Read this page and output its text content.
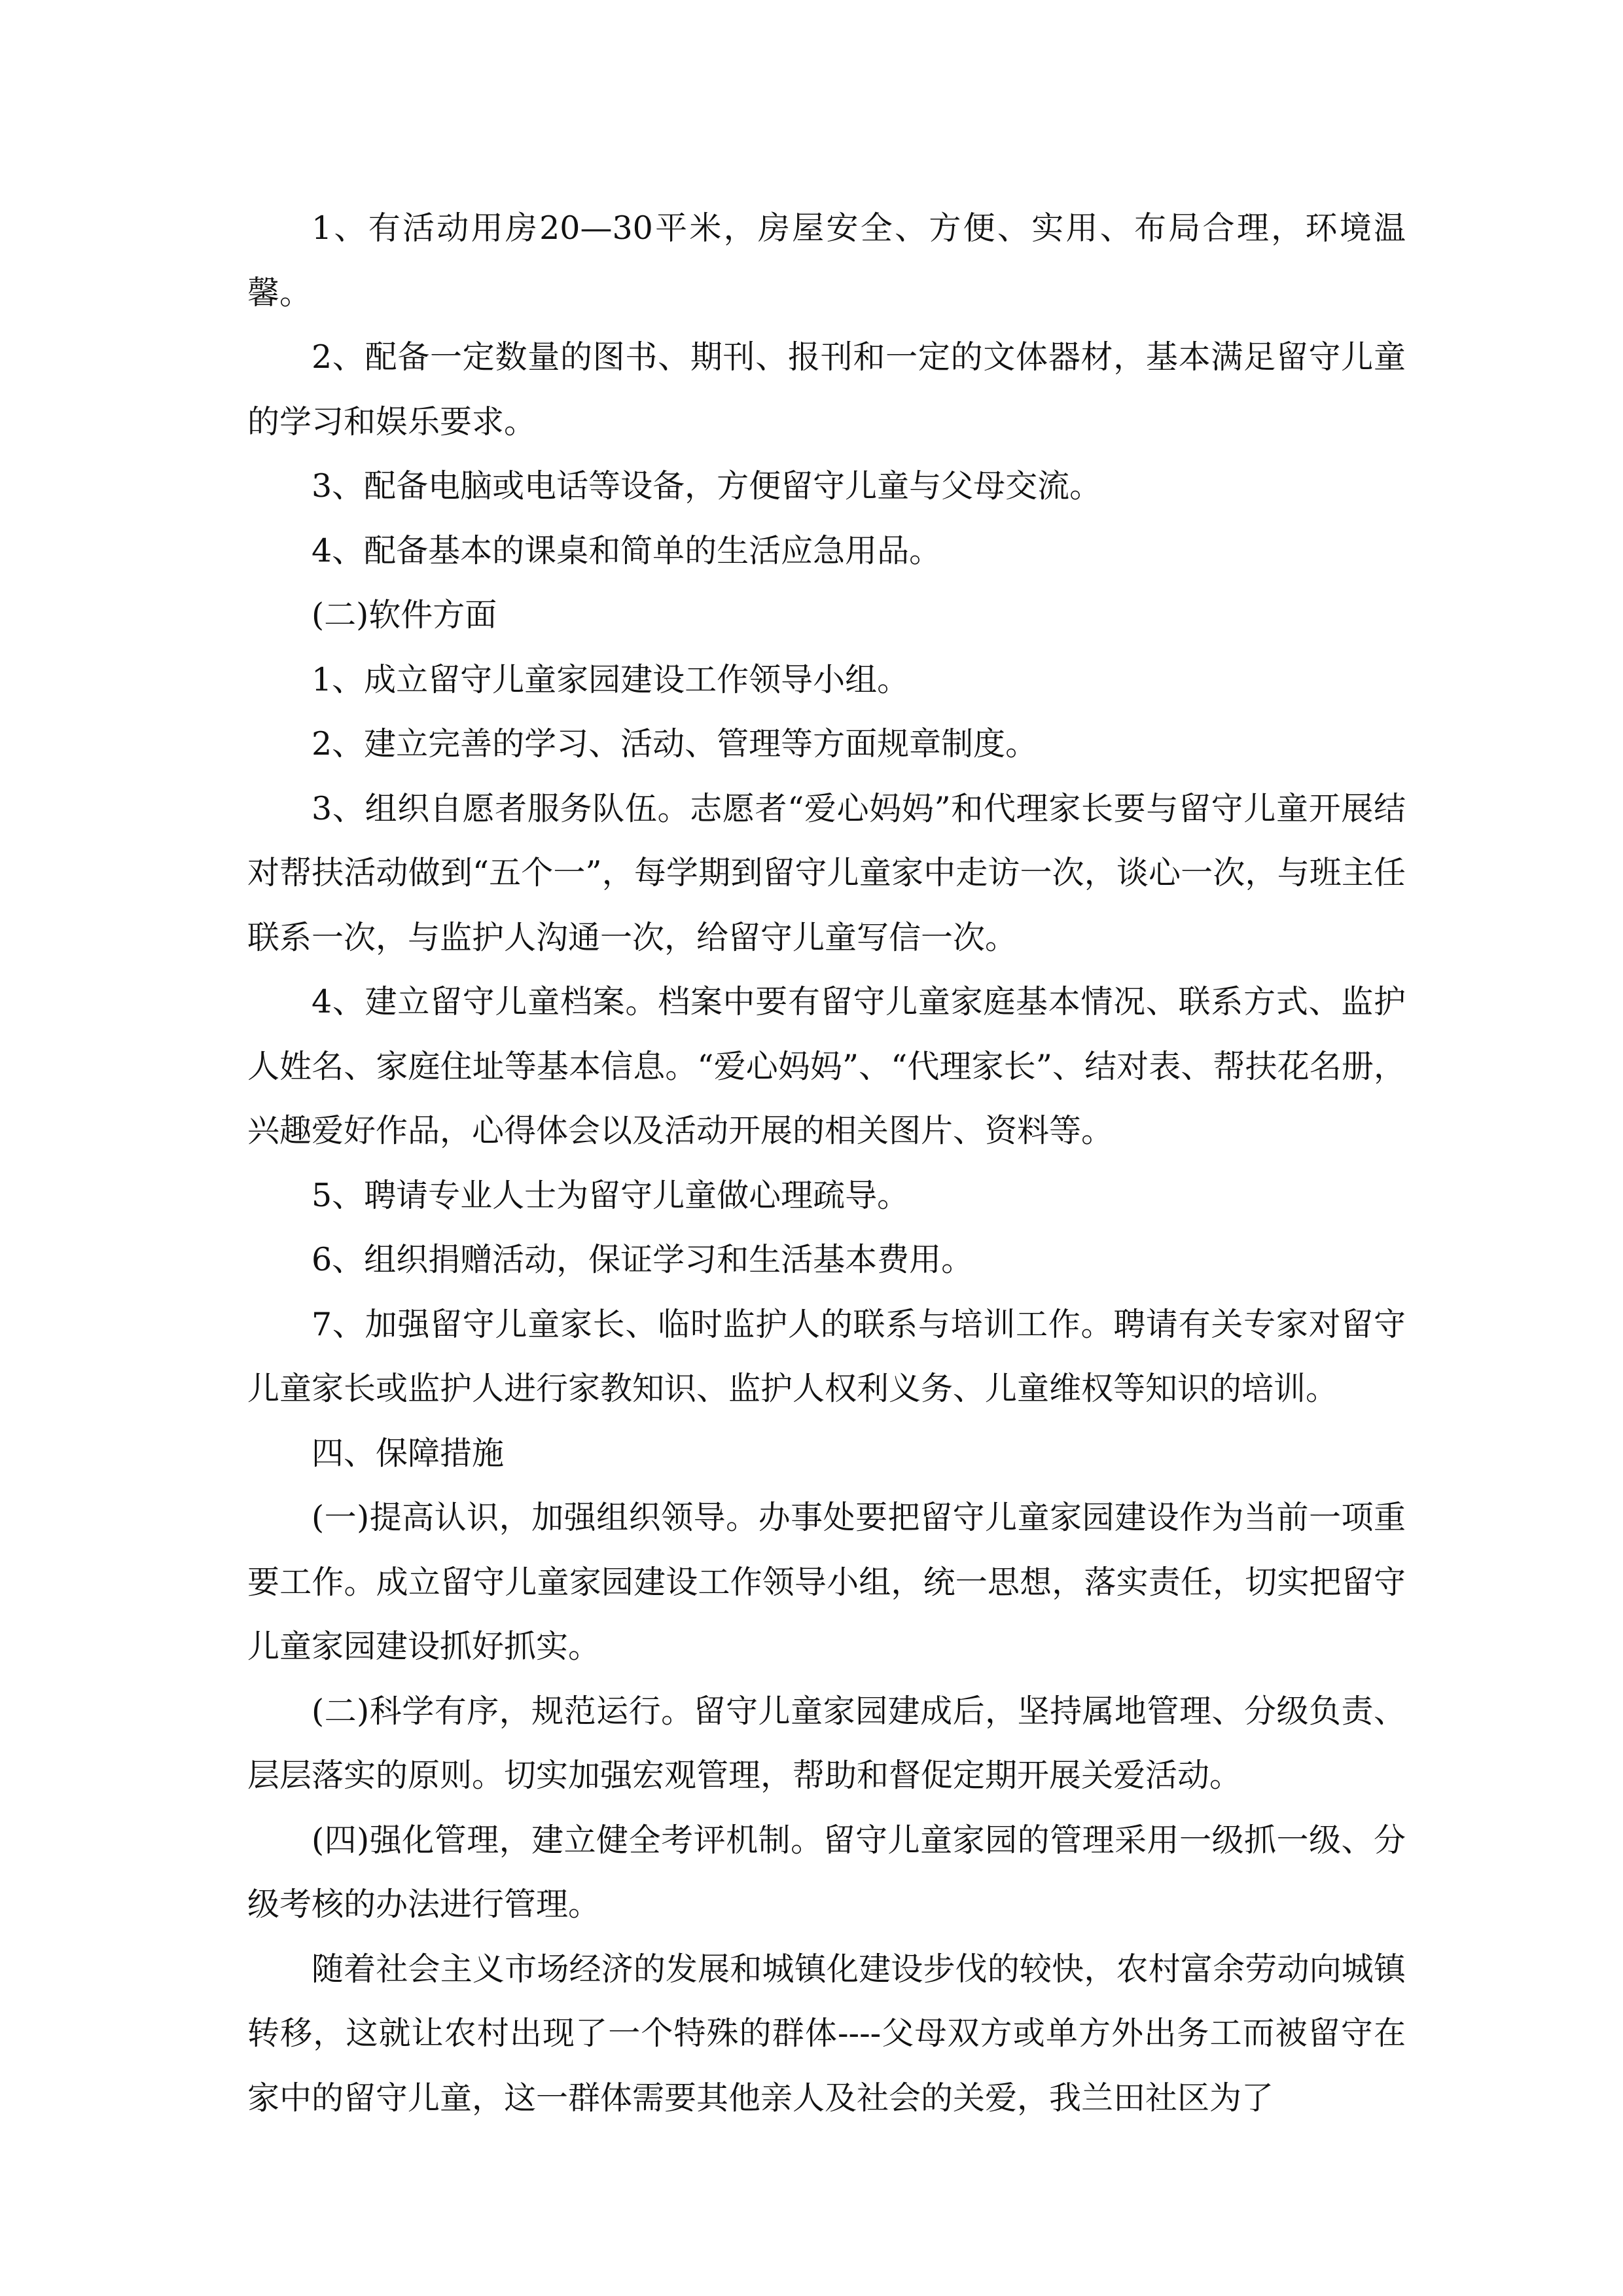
1、有活动用房20—30平米，房屋安全、方便、实用、布局合理，环境温馨。

2、配备一定数量的图书、期刊、报刊和一定的文体器材，基本满足留守儿童的学习和娱乐要求。

3、配备电脑或电话等设备，方便留守儿童与父母交流。

4、配备基本的课桌和简单的生活应急用品。

(二)软件方面

1、成立留守儿童家园建设工作领导小组。

2、建立完善的学习、活动、管理等方面规章制度。

3、组织自愿者服务队伍。志愿者“爱心妈妈”和代理家长要与留守儿童开展结对帮扶活动做到“五个一”，每学期到留守儿童家中走访一次，谈心一次，与班主任联系一次，与监护人沟通一次，给留守儿童写信一次。

4、建立留守儿童档案。档案中要有留守儿童家庭基本情况、联系方式、监护人姓名、家庭住址等基本信息。“爱心妈妈”、“代理家长”、结对表、帮扶花名册，兴趣爱好作品，心得体会以及活动开展的相关图片、资料等。

5、聘请专业人士为留守儿童做心理疏导。

6、组织捐赠活动，保证学习和生活基本费用。

7、加强留守儿童家长、临时监护人的联系与培训工作。聘请有关专家对留守儿童家长或监护人进行家教知识、监护人权利义务、儿童维权等知识的培训。

四、保障措施

(一)提高认识，加强组织领导。办事处要把留守儿童家园建设作为当前一项重要工作。成立留守儿童家园建设工作领导小组，统一思想，落实责任，切实把留守儿童家园建设抓好抓实。

(二)科学有序，规范运行。留守儿童家园建成后，坚持属地管理、分级负责、层层落实的原则。切实加强宏观管理，帮助和督促定期开展关爱活动。

(四)强化管理，建立健全考评机制。留守儿童家园的管理采用一级抓一级、分级考核的办法进行管理。

随着社会主义市场经济的发展和城镇化建设步伐的较快，农村富余劳动向城镇转移，这就让农村出现了一个特殊的群体----父母双方或单方外出务工而被留守在家中的留守儿童，这一群体需要其他亲人及社会的关爱，我兰田社区为了
